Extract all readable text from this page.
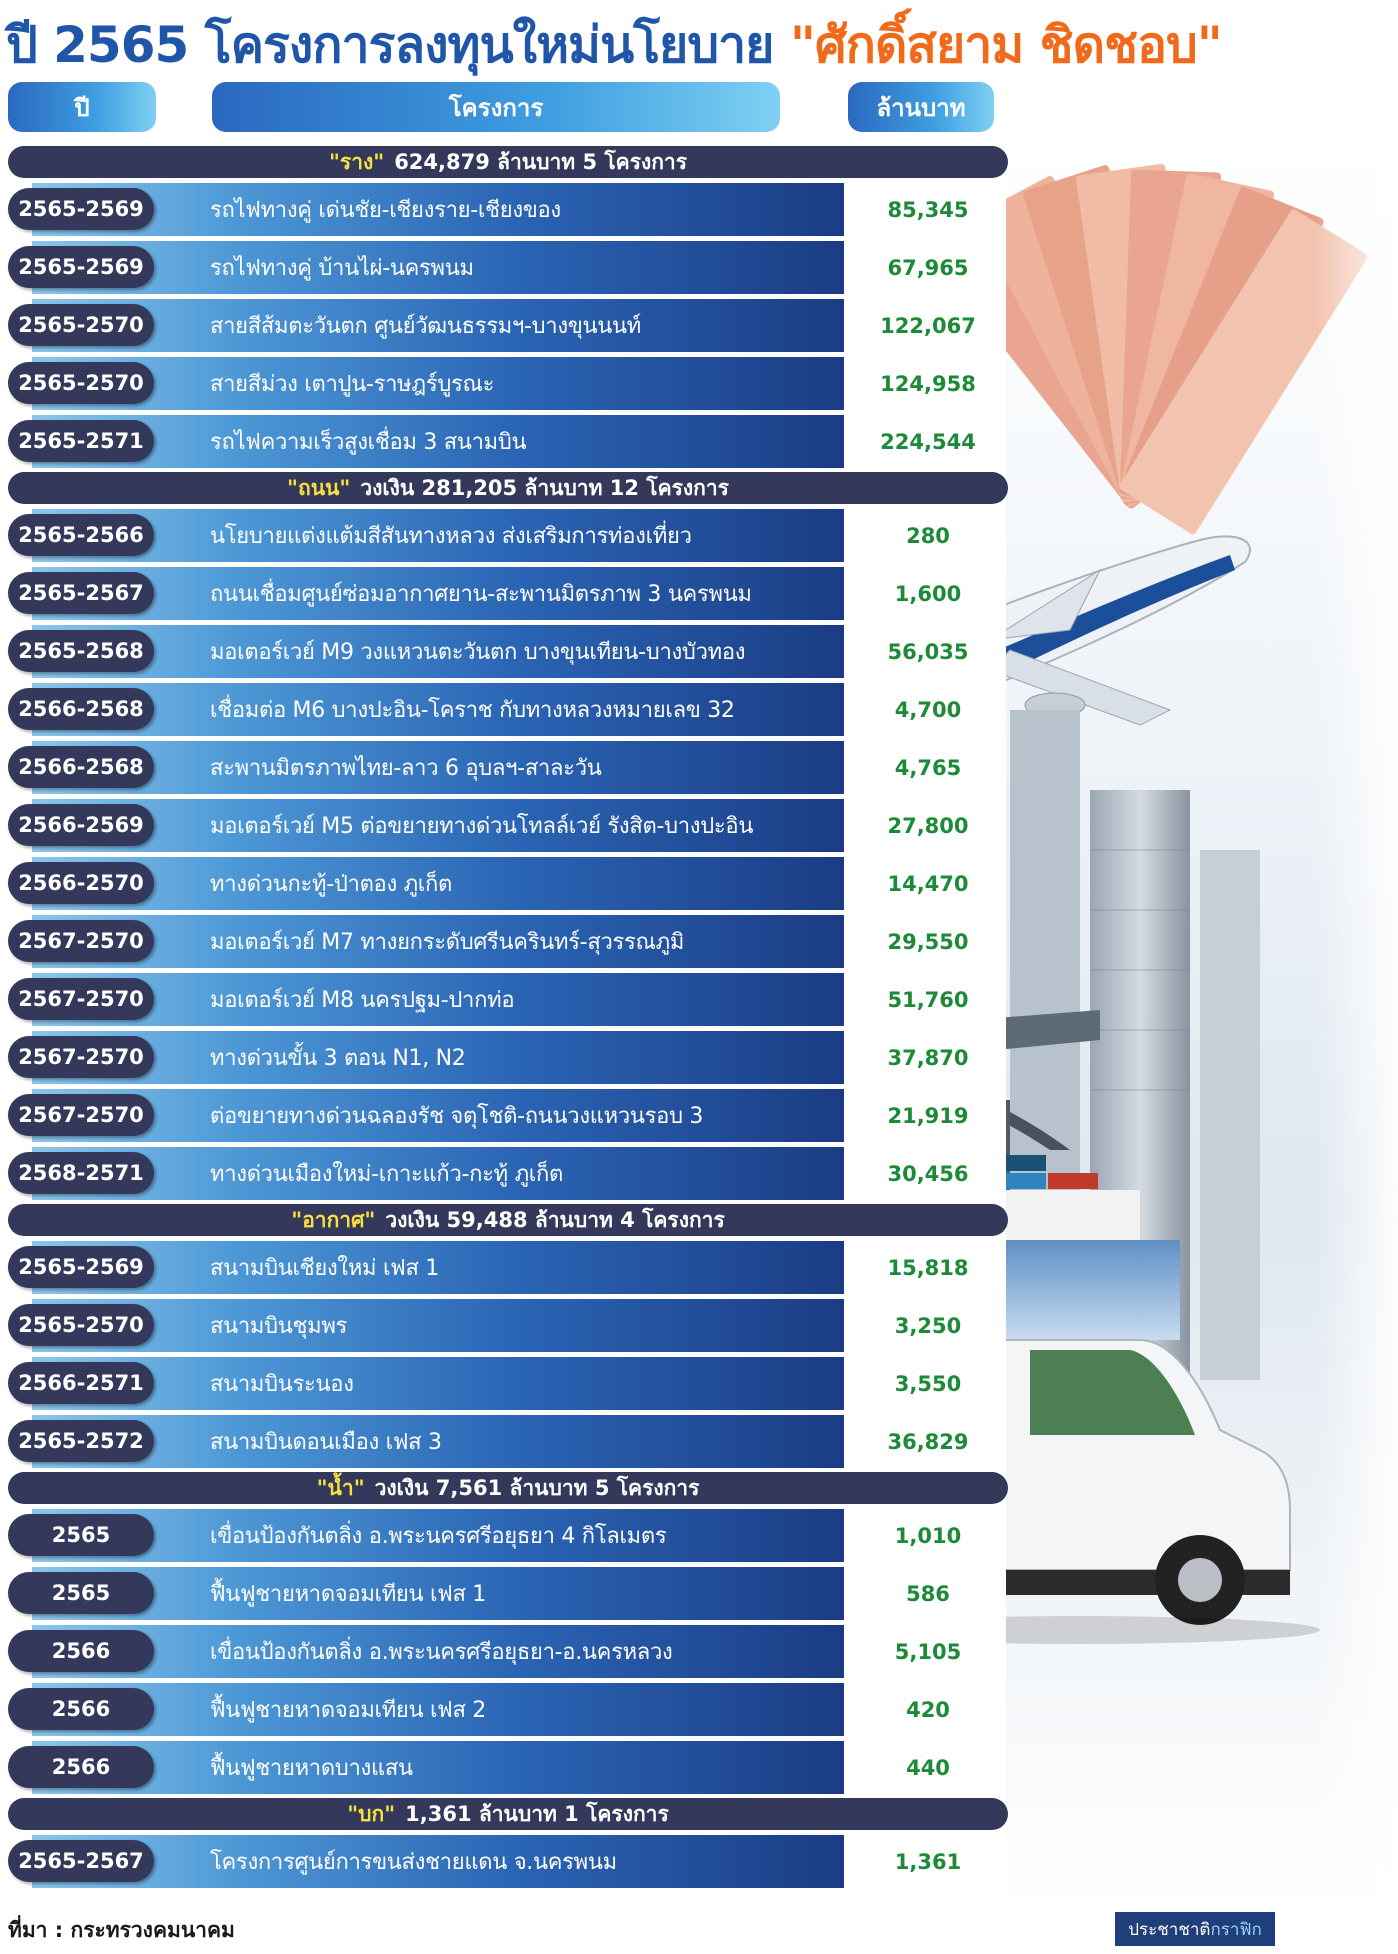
ปี 2565 โครงการลงทุนใหม่นโยบาย "ศักดิ์สยาม ชิดชอบ"
ปี	โครงการ	ล้านบาท
"ราง" 624,879 ล้านบาท 5 โครงการ
2565-2569	รถไฟทางคู่ เด่นชัย-เชียงราย-เชียงของ	85,345
2565-2569	รถไฟทางคู่ บ้านไผ่-นครพนม	67,965
2565-2570	สายสีส้มตะวันตก ศูนย์วัฒนธรรมฯ-บางขุนนนท์	122,067
2565-2570	สายสีม่วง เตาปูน-ราษฎร์บูรณะ	124,958
2565-2571	รถไฟความเร็วสูงเชื่อม 3 สนามบิน	224,544
"ถนน" วงเงิน 281,205 ล้านบาท 12 โครงการ
2565-2566	นโยบายแต่งแต้มสีสันทางหลวง ส่งเสริมการท่องเที่ยว	280
2565-2567	ถนนเชื่อมศูนย์ซ่อมอากาศยาน-สะพานมิตรภาพ 3 นครพนม	1,600
2565-2568	มอเตอร์เวย์ M9 วงแหวนตะวันตก บางขุนเทียน-บางบัวทอง	56,035
2566-2568	เชื่อมต่อ M6 บางปะอิน-โคราช กับทางหลวงหมายเลข 32	4,700
2566-2568	สะพานมิตรภาพไทย-ลาว 6 อุบลฯ-สาละวัน	4,765
2566-2569	มอเตอร์เวย์ M5 ต่อขยายทางด่วนโทลล์เวย์ รังสิต-บางปะอิน	27,800
2566-2570	ทางด่วนกะทู้-ป่าตอง ภูเก็ต	14,470
2567-2570	มอเตอร์เวย์ M7 ทางยกระดับศรีนครินทร์-สุวรรณภูมิ	29,550
2567-2570	มอเตอร์เวย์ M8 นครปฐม-ปากท่อ	51,760
2567-2570	ทางด่วนขั้น 3 ตอน N1, N2	37,870
2567-2570	ต่อขยายทางด่วนฉลองรัช จตุโชติ-ถนนวงแหวนรอบ 3	21,919
2568-2571	ทางด่วนเมืองใหม่-เกาะแก้ว-กะทู้ ภูเก็ต	30,456
"อากาศ" วงเงิน 59,488 ล้านบาท 4 โครงการ
2565-2569	สนามบินเชียงใหม่ เฟส 1	15,818
2565-2570	สนามบินชุมพร	3,250
2566-2571	สนามบินระนอง	3,550
2565-2572	สนามบินดอนเมือง เฟส 3	36,829
"น้ำ" วงเงิน 7,561 ล้านบาท 5 โครงการ
2565	เขื่อนป้องกันตลิ่ง อ.พระนครศรีอยุธยา 4 กิโลเมตร	1,010
2565	ฟื้นฟูชายหาดจอมเทียน เฟส 1	586
2566	เขื่อนป้องกันตลิ่ง อ.พระนครศรีอยุธยา-อ.นครหลวง	5,105
2566	ฟื้นฟูชายหาดจอมเทียน เฟส 2	420
2566	ฟื้นฟูชายหาดบางแสน	440
"บก" 1,361 ล้านบาท 1 โครงการ
2565-2567	โครงการศูนย์การขนส่งชายแดน จ.นครพนม	1,361
ที่มา : กระทรวงคมนาคม	ประชาชาติ กราฟิก
